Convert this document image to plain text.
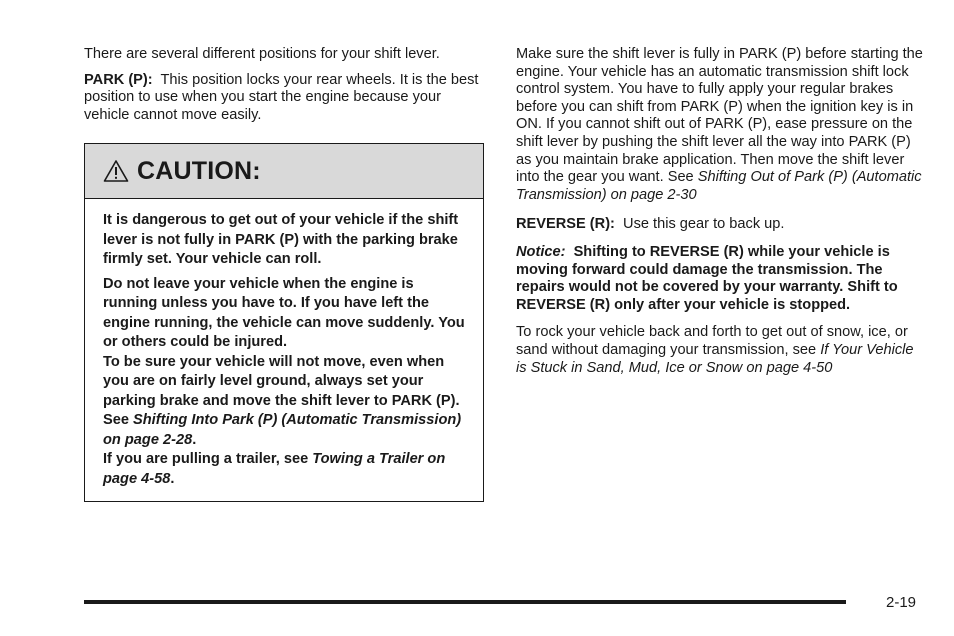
There are several different positions for your shift lever.

PARK (P): This position locks your rear wheels. It is the best position to use when you start the engine because your vehicle cannot move easily.

CAUTION:

It is dangerous to get out of your vehicle if the shift lever is not fully in PARK (P) with the parking brake firmly set. Your vehicle can roll.

Do not leave your vehicle when the engine is running unless you have to. If you have left the engine running, the vehicle can move suddenly. You or others could be injured.

To be sure your vehicle will not move, even when you are on fairly level ground, always set your parking brake and move the shift lever to PARK (P). See Shifting Into Park (P) (Automatic Transmission) on page 2-28.

If you are pulling a trailer, see Towing a Trailer on page 4-58.

Make sure the shift lever is fully in PARK (P) before starting the engine. Your vehicle has an automatic transmission shift lock control system. You have to fully apply your regular brakes before you can shift from PARK (P) when the ignition key is in ON. If you cannot shift out of PARK (P), ease pressure on the shift lever by pushing the shift lever all the way into PARK (P) as you maintain brake application. Then move the shift lever into the gear you want. See Shifting Out of Park (P) (Automatic Transmission) on page 2-30

REVERSE (R): Use this gear to back up.

Notice: Shifting to REVERSE (R) while your vehicle is moving forward could damage the transmission. The repairs would not be covered by your warranty. Shift to REVERSE (R) only after your vehicle is stopped.

To rock your vehicle back and forth to get out of snow, ice, or sand without damaging your transmission, see If Your Vehicle is Stuck in Sand, Mud, Ice or Snow on page 4-50

2-19
